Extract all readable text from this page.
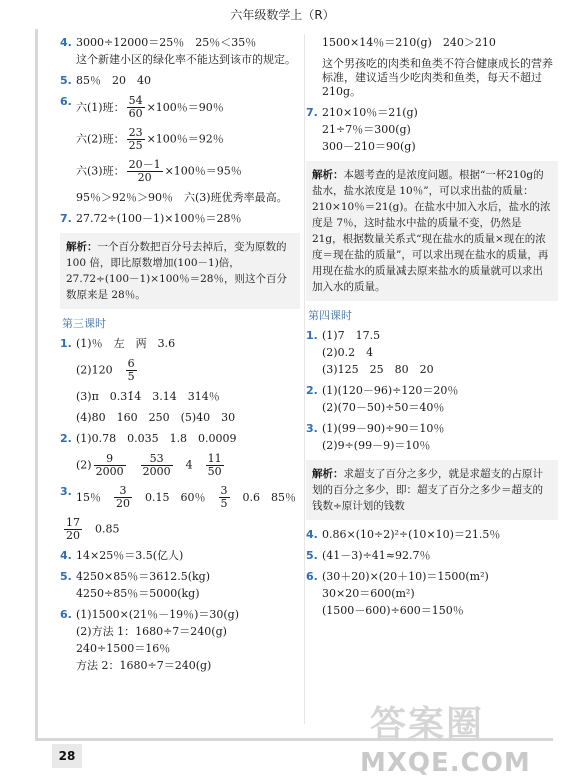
六年级数学上（R）
4. 3000÷12000＝25％　25％＜35％
这个新建小区的绿化率不能达到该市的规定。
5. 85％　20　40
6. 六(1)班： $\frac{54}{60} \times 100$％＝90％
六(2)班： $\frac{23}{25} \times 100$％＝92％
六(3)班： $\frac{20-1}{20} \times 100$％＝95％
95％＞92％＞90％　六(3)班优秀率最高。
7. 27.72÷(100－1)×100％＝28％
解析：一个百分数把百分号去掉后，变为原数的 100 倍，即比原数增加(100－1)倍，27.72÷(100－1)×100％＝28％，则这个百分数原来是 28％。
第三课时
1. (1)％　左　两　3.6
(2)120　 $\frac{6}{5}$
(3)π　0.31̇4̇　3.14　314％
(4)80　160　250　(5)40　30
2. (1)0.78　0.035　1.8　0.0009
$(2) \frac{9}{2000}$
　 $\frac{53}{2000}$
　 4　 $\frac{11}{50}$
3. 15％　 $\frac{3}{20}$
　 0.15　60％　 $\frac{3}{5}$
　 0.6　85％
$\frac{17}{20}$
　 0.85
4. 14×25％＝3.5(亿人)
5. 4250×85％＝3612.5(kg)
4250÷85％＝5000(kg)
6. (1)1500×(21％－19％)＝30(g)
(2)方法 1：1680÷7＝240(g)
240÷1500＝16％
方法 2：1680÷7＝240(g)
1500×14％＝210(g)　240＞210
这个男孩吃的肉类和鱼类不符合健康成长的营养标准，建议适当少吃肉类和鱼类，每天不超过 210g。
7. 210×10％＝21(g)
21÷7％＝300(g)
300－210＝90(g)
解析：本题考查的是浓度问题。根据“一杯210g的盐水，盐水浓度是 10％”，可以求出盐的质量：210×10％＝21(g)。在盐水中加入水后，盐水的浓度是 7％，这时盐水中盐的质量不变，仍然是 21g，根据数量关系式“现在盐水的质量×现在的浓度＝现在盐的质量”，可以求出现在盐水的质量，再用现在盐水的质量减去原来盐水的质量就可以求出加入水的质量。
第四课时
1. (1)7　17.5
(2)0.2　4
(3)125　25　80　20
2. (1)(120－96)÷120＝20％
(2)(70－50)÷50＝40％
3. (1)(99－90)÷90＝10％
(2)9÷(99－9)＝10％
解析：求超支了百分之多少，就是求超支的占原计划的百分之多少，即：超支了百分之多少＝超支的钱数÷原计划的钱数
4. 0.86×(10÷2)²÷(10×10)＝21.5％
5. (41－3)÷41≈92.7％
6. (30＋20)×(20＋10)＝1500(m²)
30×20＝600(m²)
(1500－600)÷600＝150％
28
答案圈
MXQE.COM
